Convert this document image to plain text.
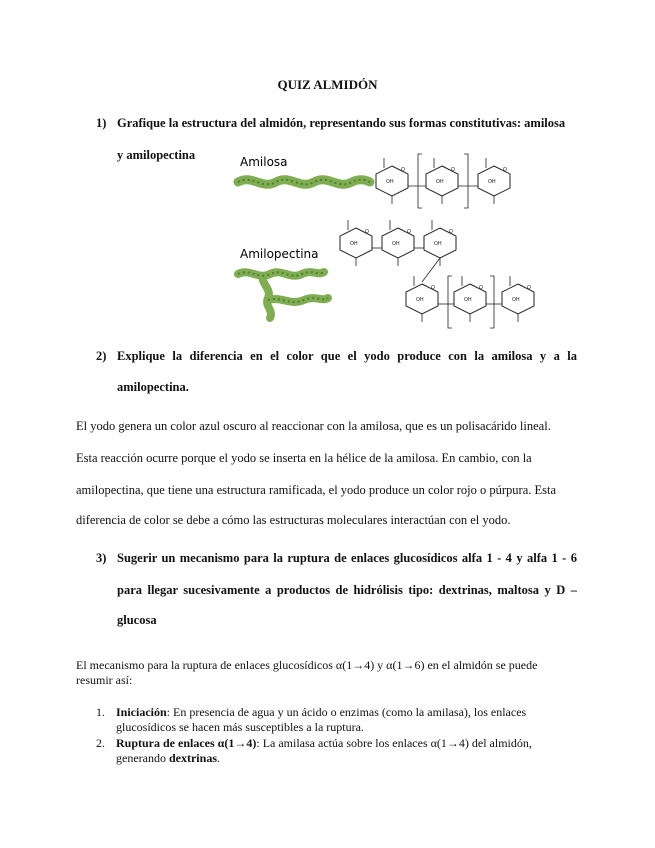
QUIZ ALMIDÓN
1) Grafique la estructura del almidón, representando sus formas constitutivas: amilosa
y amilopectina	OH
O
Amilosa
Amilopectina
2) Explique la diferencia en el color que el yodo produce con la amilosa y a la
amilopectina.
El yodo genera un color azul oscuro al reaccionar con la amilosa, que es un polisacárido lineal.
Esta reacción ocurre porque el yodo se inserta en la hélice de la amilosa. En cambio, con la
amilopectina, que tiene una estructura ramificada, el yodo produce un color rojo o púrpura. Esta
diferencia de color se debe a cómo las estructuras moleculares interactúan con el yodo.
3) Sugerir un mecanismo para la ruptura de enlaces glucosídicos alfa 1 - 4 y alfa 1 - 6
para llegar sucesivamente a productos de hidrólisis tipo: dextrinas, maltosa y D –
glucosa
El mecanismo para la ruptura de enlaces glucosídicos α(1→4) y α(1→6) en el almidón se puede
resumir así:
1. Iniciación: En presencia de agua y un ácido o enzimas (como la amilasa), los enlaces
glucosídicos se hacen más susceptibles a la ruptura.
2. Ruptura de enlaces α(1→4): La amilasa actúa sobre los enlaces α(1→4) del almidón,
generando dextrinas.
